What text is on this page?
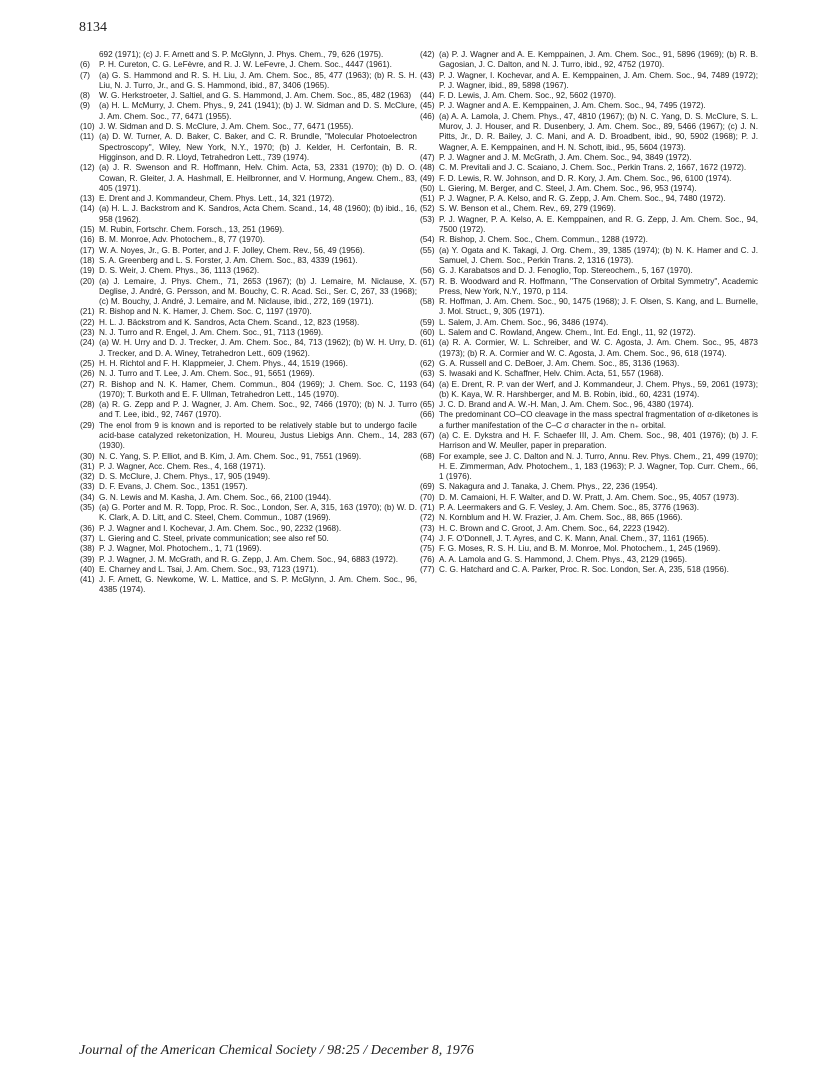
8134
692 (1971); (c) J. F. Arnett and S. P. McGlynn, J. Phys. Chem., 79, 626 (1975).
(6)	P. H. Cureton, C. G. LeFèvre, and R. J. W. LeFevre, J. Chem. Soc., 4447 (1961).
(7)	(a) G. S. Hammond and R. S. H. Liu, J. Am. Chem. Soc., 85, 477 (1963); (b) R. S. H. Liu, N. J. Turro, Jr., and G. S. Hammond, ibid., 87, 3406 (1965).
(8)	W. G. Herkstroeter, J. Saltiel, and G. S. Hammond, J. Am. Chem. Soc., 85, 482 (1963)
(9)	(a) H. L. McMurry, J. Chem. Phys., 9, 241 (1941); (b) J. W. Sidman and D. S. McClure, J. Am. Chem. Soc., 77, 6471 (1955).
(10) J. W. Sidman and D. S. McClure, J. Am. Chem. Soc., 77, 6471 (1955).
(11) (a) D. W. Turner, A. D. Baker, C. Baker, and C. R. Brundle, ''Molecular Photoelectron Spectroscopy'', Wiley, New York, N.Y., 1970; (b) J. Kelder, H. Cerfontain, B. R. Higginson, and D. R. Lloyd, Tetrahedron Lett., 739 (1974).
(12) (a) J. R. Swenson and R. Hoffmann, Helv. Chim. Acta, 53, 2331 (1970); (b) D. O. Cowan, R. Gleiter, J. A. Hashmall, E. Heilbronner, and V. Hormung, Angew. Chem., 83, 405 (1971).
(13) E. Drent and J. Kommandeur, Chem. Phys. Lett., 14, 321 (1972).
(14) (a) H. L. J. Backstrom and K. Sandros, Acta Chem. Scand., 14, 48 (1960); (b) ibid., 16, 958 (1962).
(15) M. Rubin, Fortschr. Chem. Forsch., 13, 251 (1969).
(16) B. M. Monroe, Adv. Photochem., 8, 77 (1970).
(17) W. A. Noyes, Jr., G. B. Porter, and J. F. Jolley, Chem. Rev., 56, 49 (1956).
(18) S. A. Greenberg and L. S. Forster, J. Am. Chem. Soc., 83, 4339 (1961).
(19) D. S. Weir, J. Chem. Phys., 36, 1113 (1962).
(20) (a) J. Lemaire, J. Phys. Chem., 71, 2653 (1967); (b) J. Lemaire, M. Niclause, X. Deglise, J. André, G. Persson, and M. Bouchy, C. R. Acad. Sci., Ser. C, 267, 33 (1968); (c) M. Bouchy, J. André, J. Lemaire, and M. Niclause, ibid., 272, 169 (1971).
(21) R. Bishop and N. K. Hamer, J. Chem. Soc. C, 1197 (1970).
(22) H. L. J. Bäckstrom and K. Sandros, Acta Chem. Scand., 12, 823 (1958).
(23) N. J. Turro and R. Engel, J. Am. Chem. Soc., 91, 7113 (1969).
(24) (a) W. H. Urry and D. J. Trecker, J. Am. Chem. Soc., 84, 713 (1962); (b) W. H. Urry, D. J. Trecker, and D. A. Winey, Tetrahedron Lett., 609 (1962).
(25) H. H. Richtol and F. H. Klappmeier, J. Chem. Phys., 44, 1519 (1966).
(26) N. J. Turro and T. Lee, J. Am. Chem. Soc., 91, 5651 (1969).
(27) R. Bishop and N. K. Hamer, Chem. Commun., 804 (1969); J. Chem. Soc. C, 1193 (1970); T. Burkoth and E. F. Ullman, Tetrahedron Lett., 145 (1970).
(28) (a) R. G. Zepp and P. J. Wagner, J. Am. Chem. Soc., 92, 7466 (1970); (b) N. J. Turro and T. Lee, ibid., 92, 7467 (1970).
(29) The enol from 9 is known and is reported to be relatively stable but to undergo facile acid-base catalyzed reketonization, H. Moureu, Justus Liebigs Ann. Chem., 14, 283 (1930).
(30) N. C. Yang, S. P. Elliot, and B. Kim, J. Am. Chem. Soc., 91, 7551 (1969).
(31) P. J. Wagner, Acc. Chem. Res., 4, 168 (1971).
(32) D. S. McClure, J. Chem. Phys., 17, 905 (1949).
(33) D. F. Evans, J. Chem. Soc., 1351 (1957).
(34) G. N. Lewis and M. Kasha, J. Am. Chem. Soc., 66, 2100 (1944).
(35) (a) G. Porter and M. R. Topp, Proc. R. Soc., London, Ser. A, 315, 163 (1970); (b) W. D. K. Clark, A. D. Litt, and C. Steel, Chem. Commun., 1087 (1969).
(36) P. J. Wagner and I. Kochevar, J. Am. Chem. Soc., 90, 2232 (1968).
(37) L. Giering and C. Steel, private communication; see also ref 50.
(38) P. J. Wagner, Mol. Photochem., 1, 71 (1969).
(39) P. J. Wagner, J. M. McGrath, and R. G. Zepp, J. Am. Chem. Soc., 94, 6883 (1972).
(40) E. Charney and L. Tsai, J. Am. Chem. Soc., 93, 7123 (1971).
(41) J. F. Arnett, G. Newkome, W. L. Mattice, and S. P. McGlynn, J. Am. Chem. Soc., 96, 4385 (1974).
(42) (a) P. J. Wagner and A. E. Kemppainen, J. Am. Chem. Soc., 91, 5896 (1969); (b) R. B. Gagosian, J. C. Dalton, and N. J. Turro, ibid., 92, 4752 (1970).
(43) P. J. Wagner, I. Kochevar, and A. E. Kemppainen, J. Am. Chem. Soc., 94, 7489 (1972); P. J. Wagner, ibid., 89, 5898 (1967).
(44) F. D. Lewis, J. Am. Chem. Soc., 92, 5602 (1970).
(45) P. J. Wagner and A. E. Kemppainen, J. Am. Chem. Soc., 94, 7495 (1972).
(46) (a) A. A. Lamola, J. Chem. Phys., 47, 4810 (1967); (b) N. C. Yang, D. S. McClure, S. L. Murov, J. J. Houser, and R. Dusenbery, J. Am. Chem. Soc., 89, 5466 (1967); (c) J. N. Pitts, Jr., D. R. Bailey, J. C. Mani, and A. D. Broadbent, ibid., 90, 5902 (1968); P. J. Wagner, A. E. Kemppainen, and H. N. Schott, ibid., 95, 5604 (1973).
(47) P. J. Wagner and J. M. McGrath, J. Am. Chem. Soc., 94, 3849 (1972).
(48) C. M. Previtali and J. C. Scaiano, J. Chem. Soc., Perkin Trans. 2, 1667, 1672 (1972).
(49) F. D. Lewis, R. W. Johnson, and D. R. Kory, J. Am. Chem. Soc., 96, 6100 (1974).
(50) L. Giering, M. Berger, and C. Steel, J. Am. Chem. Soc., 96, 953 (1974).
(51) P. J. Wagner, P. A. Kelso, and R. G. Zepp, J. Am. Chem. Soc., 94, 7480 (1972).
(52) S. W. Benson et al., Chem. Rev., 69, 279 (1969).
(53) P. J. Wagner, P. A. Kelso, A. E. Kemppainen, and R. G. Zepp, J. Am. Chem. Soc., 94, 7500 (1972).
(54) R. Bishop, J. Chem. Soc., Chem. Commun., 1288 (1972).
(55) (a) Y. Ogata and K. Takagi, J. Org. Chem., 39, 1385 (1974); (b) N. K. Hamer and C. J. Samuel, J. Chem. Soc., Perkin Trans. 2, 1316 (1973).
(56) G. J. Karabatsos and D. J. Fenoglio, Top. Stereochem., 5, 167 (1970).
(57) R. B. Woodward and R. Hoffmann, ''The Conservation of Orbital Symmetry'', Academic Press, New York, N.Y., 1970, p 114.
(58) R. Hoffman, J. Am. Chem. Soc., 90, 1475 (1968); J. F. Olsen, S. Kang, and L. Burnelle, J. Mol. Struct., 9, 305 (1971).
(59) L. Salem, J. Am. Chem. Soc., 96, 3486 (1974).
(60) L. Salem and C. Rowland, Angew. Chem., Int. Ed. Engl., 11, 92 (1972).
(61) (a) R. A. Cormier, W. L. Schreiber, and W. C. Agosta, J. Am. Chem. Soc., 95, 4873 (1973); (b) R. A. Cormier and W. C. Agosta, J. Am. Chem. Soc., 96, 618 (1974).
(62) G. A. Russell and C. DeBoer, J. Am. Chem. Soc., 85, 3136 (1963).
(63) S. Iwasaki and K. Schaffner, Helv. Chim. Acta, 51, 557 (1968).
(64) (a) E. Drent, R. P. van der Werf, and J. Kommandeur, J. Chem. Phys., 59, 2061 (1973); (b) K. Kaya, W. R. Harshberger, and M. B. Robin, ibid., 60, 4231 (1974).
(65) J. C. D. Brand and A. W.-H. Man, J. Am. Chem. Soc., 96, 4380 (1974).
(66) The predominant CO–CO cleavage in the mass spectral fragmentation of α-diketones is a further manifestation of the C–C σ character in the n₊ orbital.
(67) (a) C. E. Dykstra and H. F. Schaefer III, J. Am. Chem. Soc., 98, 401 (1976); (b) J. F. Harrison and W. Meuller, paper in preparation.
(68) For example, see J. C. Dalton and N. J. Turro, Annu. Rev. Phys. Chem., 21, 499 (1970); H. E. Zimmerman, Adv. Photochem., 1, 183 (1963); P. J. Wagner, Top. Curr. Chem., 66, 1 (1976).
(69) S. Nakagura and J. Tanaka, J. Chem. Phys., 22, 236 (1954).
(70) D. M. Camaioni, H. F. Walter, and D. W. Pratt, J. Am. Chem. Soc., 95, 4057 (1973).
(71) P. A. Leermakers and G. F. Vesley, J. Am. Chem. Soc., 85, 3776 (1963).
(72) N. Kornblum and H. W. Frazier, J. Am. Chem. Soc., 88, 865 (1966).
(73) H. C. Brown and C. Groot, J. Am. Chem. Soc., 64, 2223 (1942).
(74) J. F. O'Donnell, J. T. Ayres, and C. K. Mann, Anal. Chem., 37, 1161 (1965).
(75) F. G. Moses, R. S. H. Liu, and B. M. Monroe, Mol. Photochem., 1, 245 (1969).
(76) A. A. Lamola and G. S. Hammond, J. Chem. Phys., 43, 2129 (1965).
(77) C. G. Hatchard and C. A. Parker, Proc. R. Soc. London, Ser. A, 235, 518 (1956).
Journal of the American Chemical Society / 98:25 / December 8, 1976
